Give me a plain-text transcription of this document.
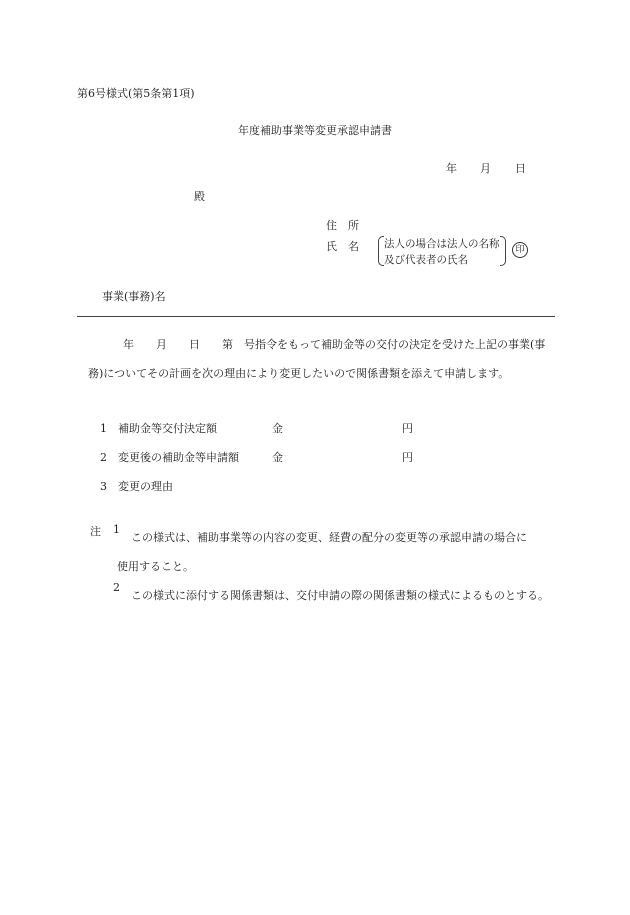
第6号様式(第5条第1項)
年度補助事業等変更承認申請書
年 月 日
殿
住　所
氏　名 法人の場合は法人の名称
及び代表者の氏名
印
事業(事務)名
年　　月　　日　　第　号指令をもって補助金等の交付の決定を受けた上記の事業(事務)についてその計画を次の理由により変更したいので関係書類を添えて申請します。
1 補助金等交付決定額	金	円
2 変更後の補助金等申請額	金	円
3 変更の理由
注 1
この様式は、補助事業等の内容の変更、経費の配分の変更等の承認申請の場合に
使用すること。
2
この様式に添付する関係書類は、交付申請の際の関係書類の様式によるものとする。
